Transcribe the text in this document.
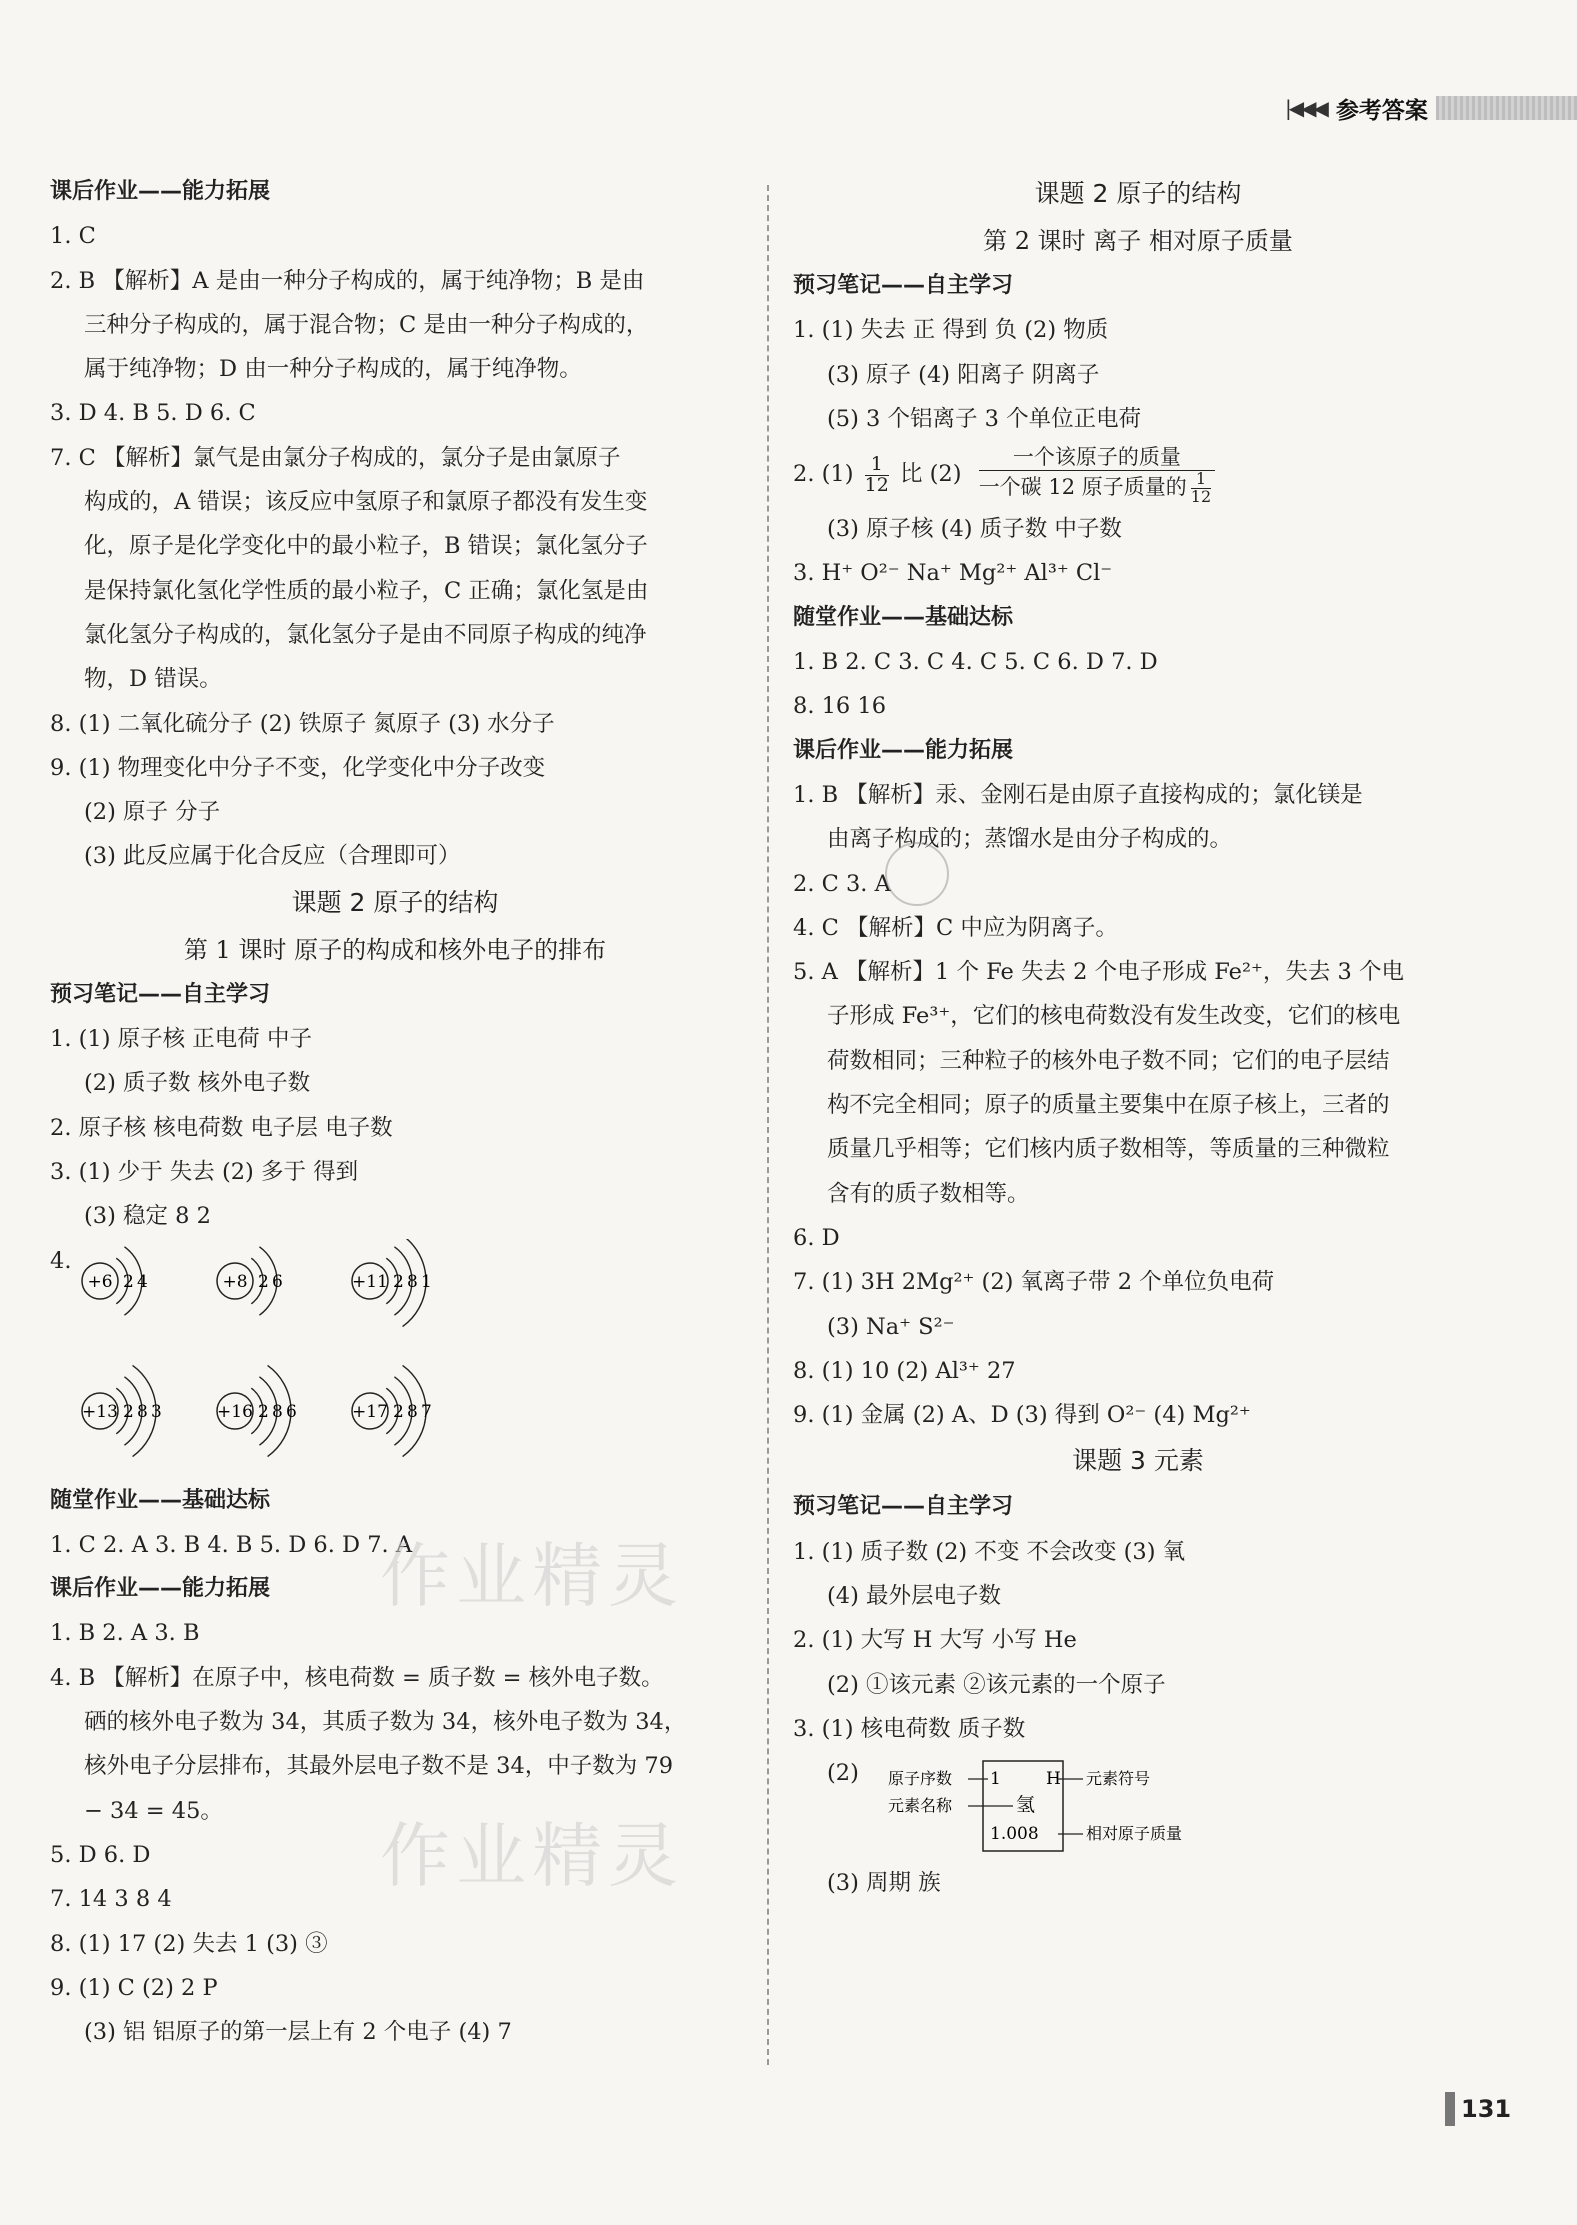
|◀◀◀ 参考答案
课后作业——能力拓展
1. C
2. B 【解析】A 是由一种分子构成的，属于纯净物；B 是由
三种分子构成的，属于混合物；C 是由一种分子构成的，
属于纯净物；D 由一种分子构成的，属于纯净物。
3. D 4. B 5. D 6. C
7. C 【解析】氯气是由氯分子构成的，氯分子是由氯原子
构成的，A 错误；该反应中氢原子和氯原子都没有发生变
化，原子是化学变化中的最小粒子，B 错误；氯化氢分子
是保持氯化氢化学性质的最小粒子，C 正确；氯化氢是由
氯化氢分子构成的，氯化氢分子是由不同原子构成的纯净
物，D 错误。
8. (1) 二氧化硫分子 (2) 铁原子 氮原子 (3) 水分子
9. (1) 物理变化中分子不变，化学变化中分子改变
(2) 原子 分子
(3) 此反应属于化合反应（合理即可）
课题 2 原子的结构
第 1 课时 原子的构成和核外电子的排布
预习笔记——自主学习
1. (1) 原子核 正电荷 中子
(2) 质子数 核外电子数
2. 原子核 核电荷数 电子层 电子数
3. (1) 少于 失去 (2) 多于 得到
(3) 稳定 8 2
4.
+6 2 4	+8 2 6	+11 2 8 1
+13 2 8 3	+16 2 8 6	+17 2 8 7
随堂作业——基础达标
1. C 2. A 3. B 4. B 5. D 6. D 7. A
课后作业——能力拓展
1. B 2. A 3. B
4. B 【解析】在原子中，核电荷数 = 质子数 = 核外电子数。
硒的核外电子数为 34，其质子数为 34，核外电子数为 34，
核外电子分层排布，其最外层电子数不是 34，中子数为 79
− 34 = 45。
5. D 6. D
7. 14 3 8 4
8. (1) 17 (2) 失去 1 (3) ③
9. (1) C (2) 2 P
(3) 铝 铝原子的第一层上有 2 个电子 (4) 7
课题 2 原子的结构
第 2 课时 离子 相对原子质量
预习笔记——自主学习
1. (1) 失去 正 得到 负 (2) 物质
(3) 原子 (4) 阳离子 阴离子
(5) 3 个铝离子 3 个单位正电荷
2. $(1) \frac{1}{12}$ 比 (2)
一个该原子的质量
一个碳 12 原子质量的 $\frac{1}{12}$
(3) 原子核 (4) 质子数 中子数
3. H⁺ O²⁻ Na⁺ Mg²⁺ Al³⁺ Cl⁻
随堂作业——基础达标
1. B 2. C 3. C 4. C 5. C 6. D 7. D
8. 16 16
课后作业——能力拓展
1. B 【解析】汞、金刚石是由原子直接构成的；氯化镁是
由离子构成的；蒸馏水是由分子构成的。
2. C 3. A
4. C 【解析】C 中应为阴离子。
5. A 【解析】1 个 Fe 失去 2 个电子形成 Fe²⁺，失去 3 个电
子形成 Fe³⁺，它们的核电荷数没有发生改变，它们的核电
荷数相同；三种粒子的核外电子数不同；它们的电子层结
构不完全相同；原子的质量主要集中在原子核上，三者的
质量几乎相等；它们核内质子数相等，等质量的三种微粒
含有的质子数相等。
6. D
7. (1) 3H 2Mg²⁺ (2) 氧离子带 2 个单位负电荷
(3) Na⁺ S²⁻
8. (1) 10 (2) Al³⁺ 27
9. (1) 金属 (2) A、D (3) 得到 O²⁻ (4) Mg²⁺
课题 3 元素
预习笔记——自主学习
1. (1) 质子数 (2) 不变 不会改变 (3) 氧
(4) 最外层电子数
2. (1) 大写 H 大写 小写 He
(2) ①该元素 ②该元素的一个原子
3. (1) 核电荷数 质子数
(2)	1	H
氢
1.008
原子序数	元素符号
元素名称
相对原子质量
(3) 周期 族
作业精灵
作业精灵
131
